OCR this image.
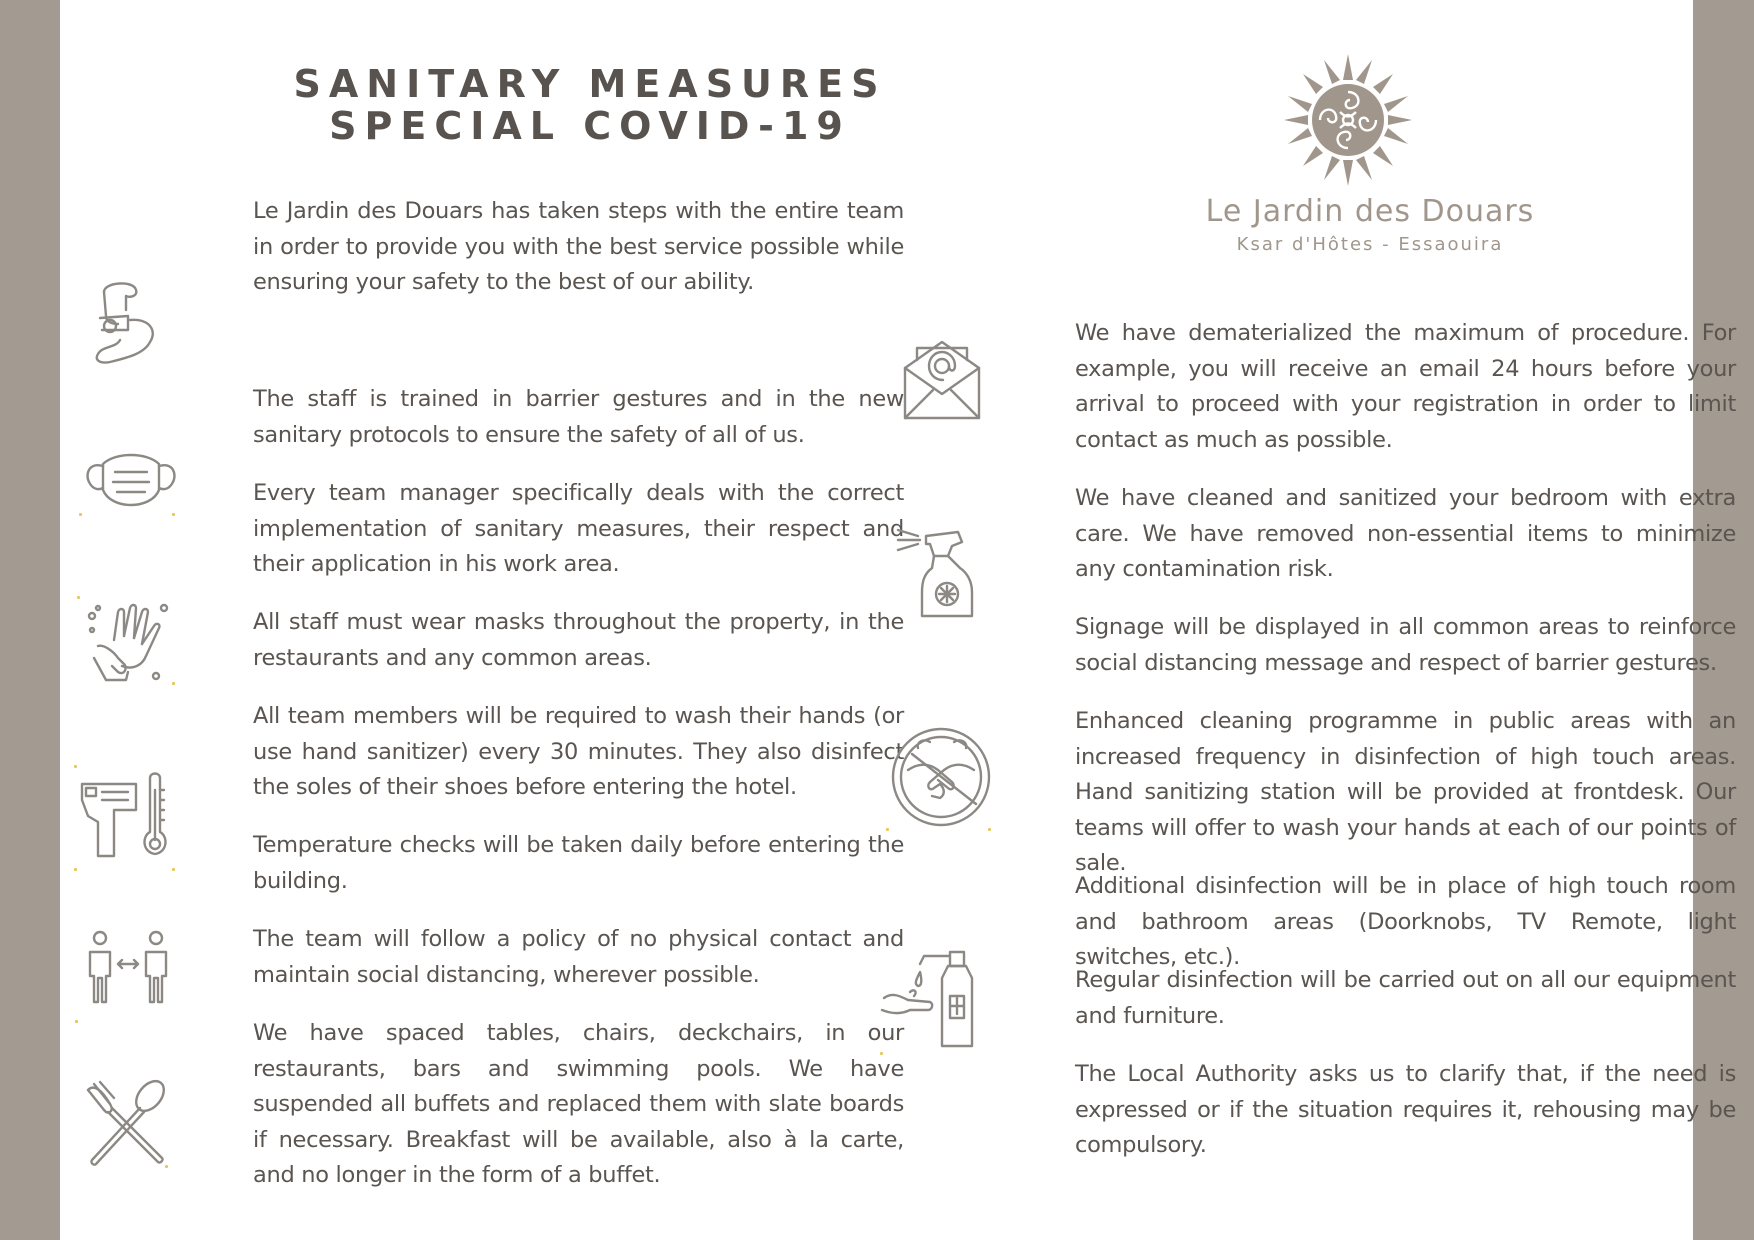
SANITARY MEASURES
SPECIAL COVID-19
Le Jardin des Douars
Ksar d'Hôtes - Essaouira

Le Jardin des Douars has taken steps with the entire team in order to provide you with the best service possible while ensuring your safety to the best of our ability.

The staff is trained in barrier gestures and in the new sanitary protocols to ensure the safety of all of us.

Every team manager specifically deals with the correct implementation of sanitary measures, their respect and their application in his work area.

All staff must wear masks throughout the property, in the restaurants and any common areas.

All team members will be required to wash their hands (or use hand sanitizer) every 30 minutes. They also disinfect the soles of their shoes before entering the hotel.

Temperature checks will be taken daily before entering the building.

The team will follow a policy of no physical contact and maintain social distancing, wherever possible.

We have spaced tables, chairs, deckchairs, in our restaurants, bars and swimming pools. We have suspended all buffets and replaced them with slate boards if necessary. Breakfast will be available, also à la carte, and no longer in the form of a buffet.

We have dematerialized the maximum of procedure. For example, you will receive an email 24 hours before your arrival to proceed with your registration in order to limit contact as much as possible.

We have cleaned and sanitized your bedroom with extra care. We have removed non-essential items to minimize any contamination risk.

Signage will be displayed in all common areas to reinforce social distancing message and respect of barrier gestures.

Enhanced cleaning programme in public areas with an increased frequency in disinfection of high touch areas. Hand sanitizing station will be provided at frontdesk. Our teams will offer to wash your hands at each of our points of sale.

Additional disinfection will be in place of high touch room and bathroom areas (Doorknobs, TV Remote, light switches, etc.).

Regular disinfection will be carried out on all our equipment and furniture.

The Local Authority asks us to clarify that, if the need is expressed or if the situation requires it, rehousing may be compulsory.
